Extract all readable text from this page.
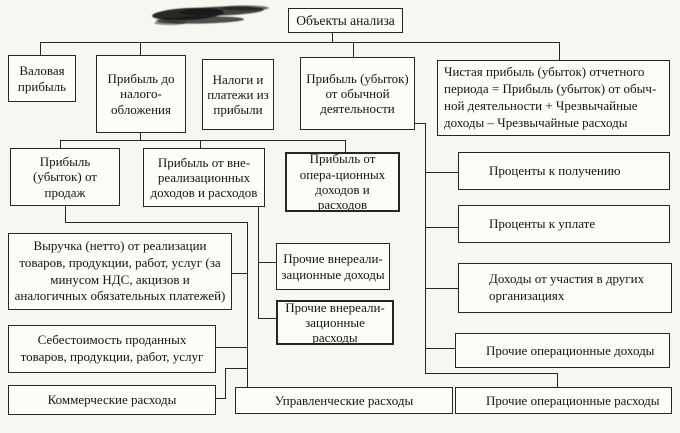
Объекты анализа
Валовая прибыль	Прибыль до налого-обложения
Налоги и платежи из прибыли
Прибыль (убыток) от обычной деятельности
Чистая прибыль (убыток) отчетного периода = Прибыль (убыток) от обыч-ной деятельности + Чрезвычайные доходы – Чрезвычайные расходы
Прибыль (убыток) от продаж
Прибыль от вне-реализационных доходов и расходов
Прибыль от опера-ционных доходов и расходов
Выручка (нетто) от реализации товаров, продукции, работ, услуг (за минусом НДС, акцизов и аналогичных обязательных платежей)
Себестоимость проданных товаров, продукции, работ, услуг
Коммерческие расходы	Управленческие расходы
Прочие внереали-зационные доходы
Прочие внереали-зационные расходы
Проценты к получению
Проценты к уплате
Доходы от участия в других организациях
Прочие операционные доходы
Прочие операционные расходы
